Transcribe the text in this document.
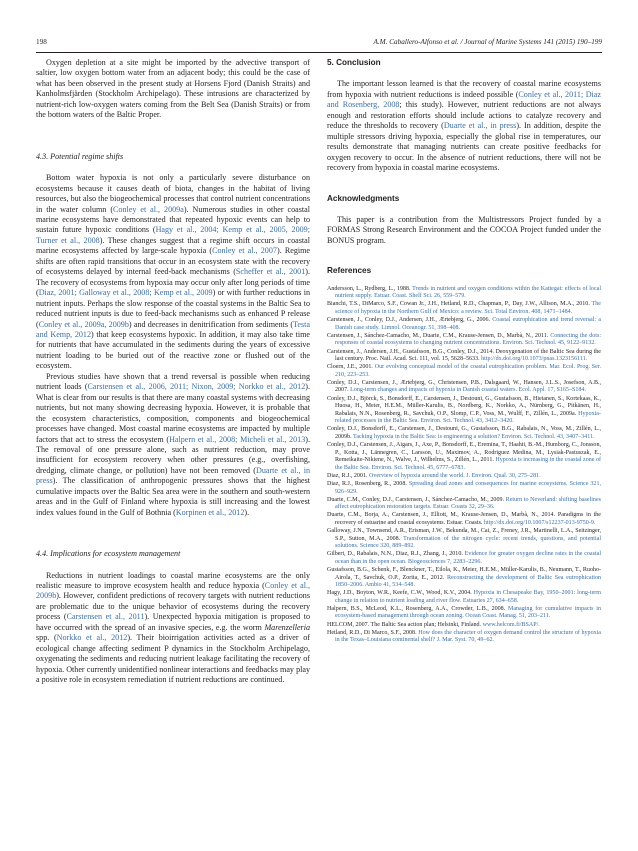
198	A.M. Caballero-Alfonso et al. / Journal of Marine Systems 141 (2015) 190–199

Oxygen depletion at a site might be imported by the advective transport of saltier, low oxygen bottom water from an adjacent body; this could be the case of what has been observed in the present study at Horsens Fjord (Danish Straits) and Kanholmsfjärden (Stockholm Archipelago). These intrusions are characterized by nutrient-rich low-oxygen waters coming from the Belt Sea (Danish Straits) or from the bottom waters of the Baltic Proper.

4.3. Potential regime shifts

Bottom water hypoxia is not only a particularly severe disturbance on ecosystems because it causes death of biota, changes in the habitat of living resources, but also the biogeochemical processes that control nutrient concentrations in the water column (Conley et al., 2009a). Numerous studies in other coastal marine ecosystems have demonstrated that repeated hypoxic events can help to sustain future hypoxic conditions (Hagy et al., 2004; Kemp et al., 2005, 2009; Turner et al., 2008). These changes suggest that a regime shift occurs in coastal marine ecosystems affected by large-scale hypoxia (Conley et al., 2007). Regime shifts are often rapid transitions that occur in an ecosystem state with the recovery of ecosystems delayed by internal feed-back mechanisms (Scheffer et al., 2001). The recovery of ecosystems from hypoxia may occur only after long periods of time (Diaz, 2001; Galloway et al., 2008; Kemp et al., 2009) or with further reductions in nutrient inputs. Perhaps the slow response of the coastal systems in the Baltic Sea to reduced nutrient inputs is due to feed-back mechanisms such as enhanced P release (Conley et al., 2009a, 2009b) and decreases in denitrification from sediments (Testa and Kemp, 2012) that keep ecosystems hypoxic. In addition, it may also take time for nutrients that have accumulated in the sediments during the years of excessive nutrient loading to be buried out of the reactive zone or flushed out of the ecosystem.

Previous studies have shown that a trend reversal is possible when reducing nutrient loads (Carstensen et al., 2006, 2011; Nixon, 2009; Norkko et al., 2012). What is clear from our results is that there are many coastal systems with decreasing nutrients, but not many showing decreasing hypoxia. However, it is probable that the ecosystem characteristics, composition, components and biogeochemical processes have changed. Most coastal marine ecosystems are impacted by multiple factors that act to stress the ecosystem (Halpern et al., 2008; Micheli et al., 2013). The removal of one pressure alone, such as nutrient reduction, may prove insufficient for ecosystem recovery when other pressures (e.g., overfishing, dredging, climate change, or pollution) have not been removed (Duarte et al., in press). The classification of anthropogenic pressures shows that the highest cumulative impacts over the Baltic Sea area were in the southern and south-western areas and in the Gulf of Finland where hypoxia is still increasing and the lowest index values found in the Gulf of Bothnia (Korpinen et al., 2012).

4.4. Implications for ecosystem management

Reductions in nutrient loadings to coastal marine ecosystems are the only realistic measure to improve ecosystem health and reduce hypoxia (Conley et al., 2009b). However, confident predictions of recovery targets with nutrient reductions are problematic due to the unique behavior of ecosystems during the recovery process (Carstensen et al., 2011). Unexpected hypoxia mitigation is proposed to have occurred with the spread of an invasive species, e.g. the worm Marenzelleria spp. (Norkko et al., 2012). Their bioirrigation activities acted as a driver of ecological change affecting sediment P dynamics in the Stockholm Archipelago, oxygenating the sediments and reducing nutrient leakage facilitating the recovery of hypoxia. Other currently unidentified nonlinear interactions and feedbacks may play a positive role in ecosystem remediation if nutrient reductions are continued.

5. Conclusion

The important lesson learned is that the recovery of coastal marine ecosystems from hypoxia with nutrient reductions is indeed possible (Conley et al., 2011; Diaz and Rosenberg, 2008; this study). However, nutrient reductions are not always enough and restoration efforts should include actions to catalyze recovery and reduce the thresholds to recovery (Duarte et al., in press). In addition, despite the multiple stressors driving hypoxia, especially the global rise in temperatures, our results demonstrate that managing nutrients can create positive feedbacks for oxygen recovery to occur. In the absence of nutrient reductions, there will not be recovery from hypoxia in coastal marine ecosystems.

Acknowledgments

This paper is a contribution from the Multistressors Project funded by a FORMAS Strong Research Environment and the COCOA Project funded under the BONUS program.

References

Andersson, L., Rydberg, L., 1988. Trends in nutrient and oxygen conditions within the Kattegat: effects of local nutrient supply. Estuar. Coast. Shelf Sci. 26, 559–579.

Bianchi, T.S., DiMarco, S.F., Cowan Jr., J.H., Hetland, R.D., Chapman, P., Day, J.W., Allison, M.A., 2010. The science of hypoxia in the Northern Gulf of Mexico: a review. Sci. Total Environ. 408, 1471–1484.

Carstensen, J., Conley, D.J., Andersen, J.H., Ærtebjerg, G., 2006. Coastal eutrophication and trend reversal: a Danish case study. Limnol. Oceanogr. 51, 398–408.

Carstensen, J., Sánchez-Camacho, M., Duarte, C.M., Krause-Jensen, D., Marbà, N., 2011. Connecting the dots: responses of coastal ecosystems to changing nutrient concentrations. Environ. Sci. Technol. 45, 9122–9132.

Carstensen, J., Andersen, J.H., Gustafsson, B.G., Conley, D.J., 2014. Deoxygenation of the Baltic Sea during the last century. Proc. Natl. Acad. Sci. 111, vol. 15, 5628–5633. http://dx.doi.org/10.1073/pnas.1323156111.

Cloern, J.E., 2001. Our evolving conceptual model of the coastal eutrophication problem. Mar. Ecol. Prog. Ser. 210, 223–253.

Conley, D.J., Carstensen, J., Ærtebjerg, G., Christensen, P.B., Dalsgaard, W., Hansen, J.L.S., Josefson, A.B., 2007. Long-term changes and impacts of hypoxia in Danish coastal waters. Ecol. Appl. 17, S165–S184.

Conley, D.J., Björck, S., Bonsdorff, E., Carstensen, J., Destouni, G., Gustafsson, B., Hietanen, S., Kortekaas, K., Huosa, H., Meier, H.E.M., Müller-Karulis, B., Nordberg, K., Norkko, A., Nürnberg, G., Pitkänen, H., Rabalais, N.N., Rosenberg, R., Savchuk, O.P., Slomp, C.P., Voss, M., Wulff, F., Zillén, L., 2009a. Hypoxia-related processes in the Baltic Sea. Environ. Sci. Technol. 43, 3412–3420.

Conley, D.J., Bonsdorff, E., Carstensen, J., Destouni, G., Gustafsson, B.G., Rabalais, N., Voss, M., Zillén, L., 2009b. Tacking hypoxia in the Baltic Sea: is engineering a solution? Environ. Sci. Technol. 43, 3407–3411.

Conley, D.J., Carstensen, J., Aigars, J., Axe, P., Bonsdorff, E., Eremina, T., Haahti, B.-M., Humborg, C., Jonsson, P., Kotta, J., Lännegren, C., Larsson, U., Maximov, A., Rodriguez Medina, M., Lysiak-Pastuszak, E., Remeikaite-Nikiene, N., Walve, J., Wilhelms, S., Zillén, L., 2011. Hypoxia is increasing in the coastal zone of the Baltic Sea. Environ. Sci. Technol. 45, 6777–6783.

Diaz, R.J., 2001. Overview of hypoxia around the world. J. Environ. Qual. 30, 275–281.

Diaz, R.J., Rosenberg, R., 2008. Spreading dead zones and consequences for marine ecosystems. Science 321, 926–929.

Duarte, C.M., Conley, D.J., Carstensen, J., Sánchez-Camacho, M., 2009. Return to Neverland: shifting baselines affect eutrophication restoration targets. Estuar. Coasts 32, 29–36.

Duarte, C.M., Borja, A., Carstensen, J., Elliott, M., Krause-Jensen, D., Marbà, N., 2014. Paradigms in the recovery of estuarine and coastal ecosystems. Estuar. Coasts. http://dx.doi.org/10.1007/s12237-013-9750-9.

Galloway, J.N., Townsend, A.R., Erisman, J.W., Bekunda, M., Cai, Z., Freney, J.R., Martinelli, L.A., Seitzinger, S.P., Sutton, M.A., 2008. Transformation of the nitrogen cycle: recent trends, questions, and potential solutions. Science 320, 889–892.

Gilbert, D., Rabalais, N.N., Diaz, R.J., Zhang, J., 2010. Evidence for greater oxygen decline rates in the coastal ocean than in the open ocean. Biogeosciences 7, 2283–2296.

Gustafsson, B.G., Schenk, F., Blenckner, T., Eilola, K., Meier, H.E.M., Müller-Karulis, B., Neumann, T., Ruoho-Airola, T., Savchuk, O.P., Zorita, E., 2012. Reconstructing the development of Baltic Sea eutrophication 1850–2006. Ambio 41, 534–548.

Hagy, J.D., Boyton, W.R., Keefe, C.W., Wood, K.V., 2004. Hypoxia in Chesapeake Bay, 1950–2001: long-term change in relation to nutrient loading and river flow. Estuaries 27, 634–658.

Halpern, B.S., McLeod, K.L., Rosenberg, A.A., Crowder, L.B., 2008. Managing for cumulative impacts in ecosystem-based management through ocean zoning. Ocean Coast. Manag. 51, 203–211.

HELCOM, 2007. The Baltic Sea action plan; Helsinki, Finland. www.helcom.fi/BSAP/.

Hetland, R.D., Di Marco, S.F., 2008. How does the character of oxygen demand control the structure of hypoxia in the Texas–Louisiana continental shelf? J. Mar. Syst. 70, 49–62.
